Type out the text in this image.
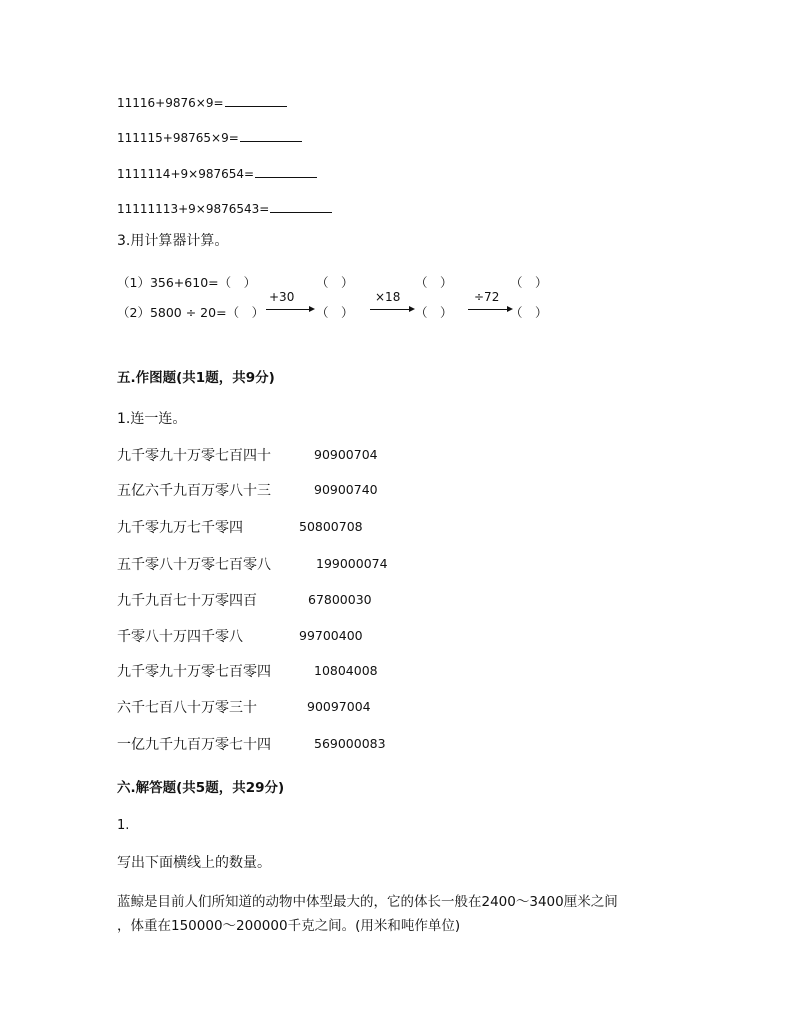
11116+9876×9=
111115+98765×9=
1111114+9×987654=
11111113+9×9876543=
3.用计算器计算。
（1）356+610=（　）	（　）	（　）	（　）
（2）5800 ÷ 20=（　）
+30
（　）
×18
（　）
÷72
（　）
五.作图题(共1题，共9分)
1.连一连。
九千零九十万零七百四十	90900704
五亿六千九百万零八十三	90900740
九千零九万七千零四	50800708
五千零八十万零七百零八	199000074
九千九百七十万零四百	67800030
千零八十万四千零八	99700400
九千零九十万零七百零四	10804008
六千七百八十万零三十	90097004
一亿九千九百万零七十四	569000083
六.解答题(共5题，共29分)
1.
写出下面横线上的数量。
蓝鲸是目前人们所知道的动物中体型最大的，它的体长一般在2400～3400厘米之间
，体重在150000～200000千克之间。(用米和吨作单位)
